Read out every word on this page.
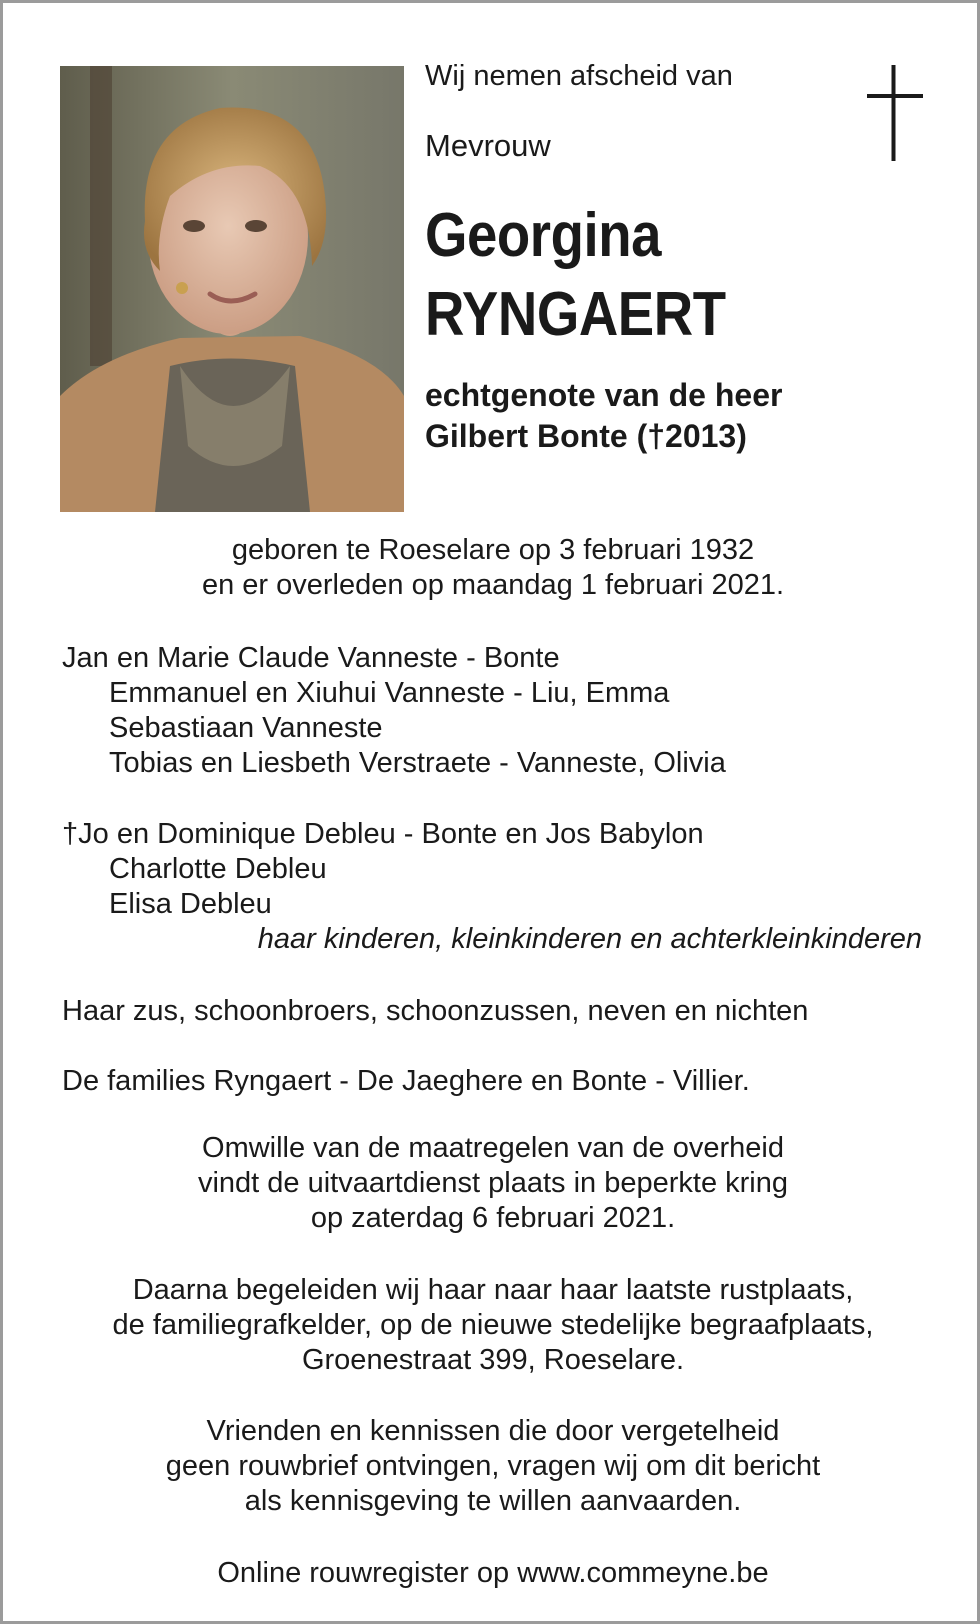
Wij nemen afscheid van

Mevrouw

Georgina
RYNGAERT

echtgenote van de heer
Gilbert Bonte (†2013)

geboren te Roeselare op 3 februari 1932
en er overleden op maandag 1 februari 2021.

Jan en Marie Claude Vanneste - Bonte
Emmanuel en Xiuhui Vanneste - Liu, Emma
Sebastiaan Vanneste
Tobias en Liesbeth Verstraete - Vanneste, Olivia
†Jo en Dominique Debleu - Bonte en Jos Babylon
Charlotte Debleu
Elisa Debleu
haar kinderen, kleinkinderen en achterkleinkinderen

Haar zus, schoonbroers, schoonzussen, neven en nichten

De families Ryngaert - De Jaeghere en Bonte - Villier.

Omwille van de maatregelen van de overheid
vindt de uitvaartdienst plaats in beperkte kring
op zaterdag 6 februari 2021.

Daarna begeleiden wij haar naar haar laatste rustplaats,
de familiegrafkelder, op de nieuwe stedelijke begraafplaats,
Groenestraat 399, Roeselare.

Vrienden en kennissen die door vergetelheid
geen rouwbrief ontvingen, vragen wij om dit bericht
als kennisgeving te willen aanvaarden.

Online rouwregister op www.commeyne.be
